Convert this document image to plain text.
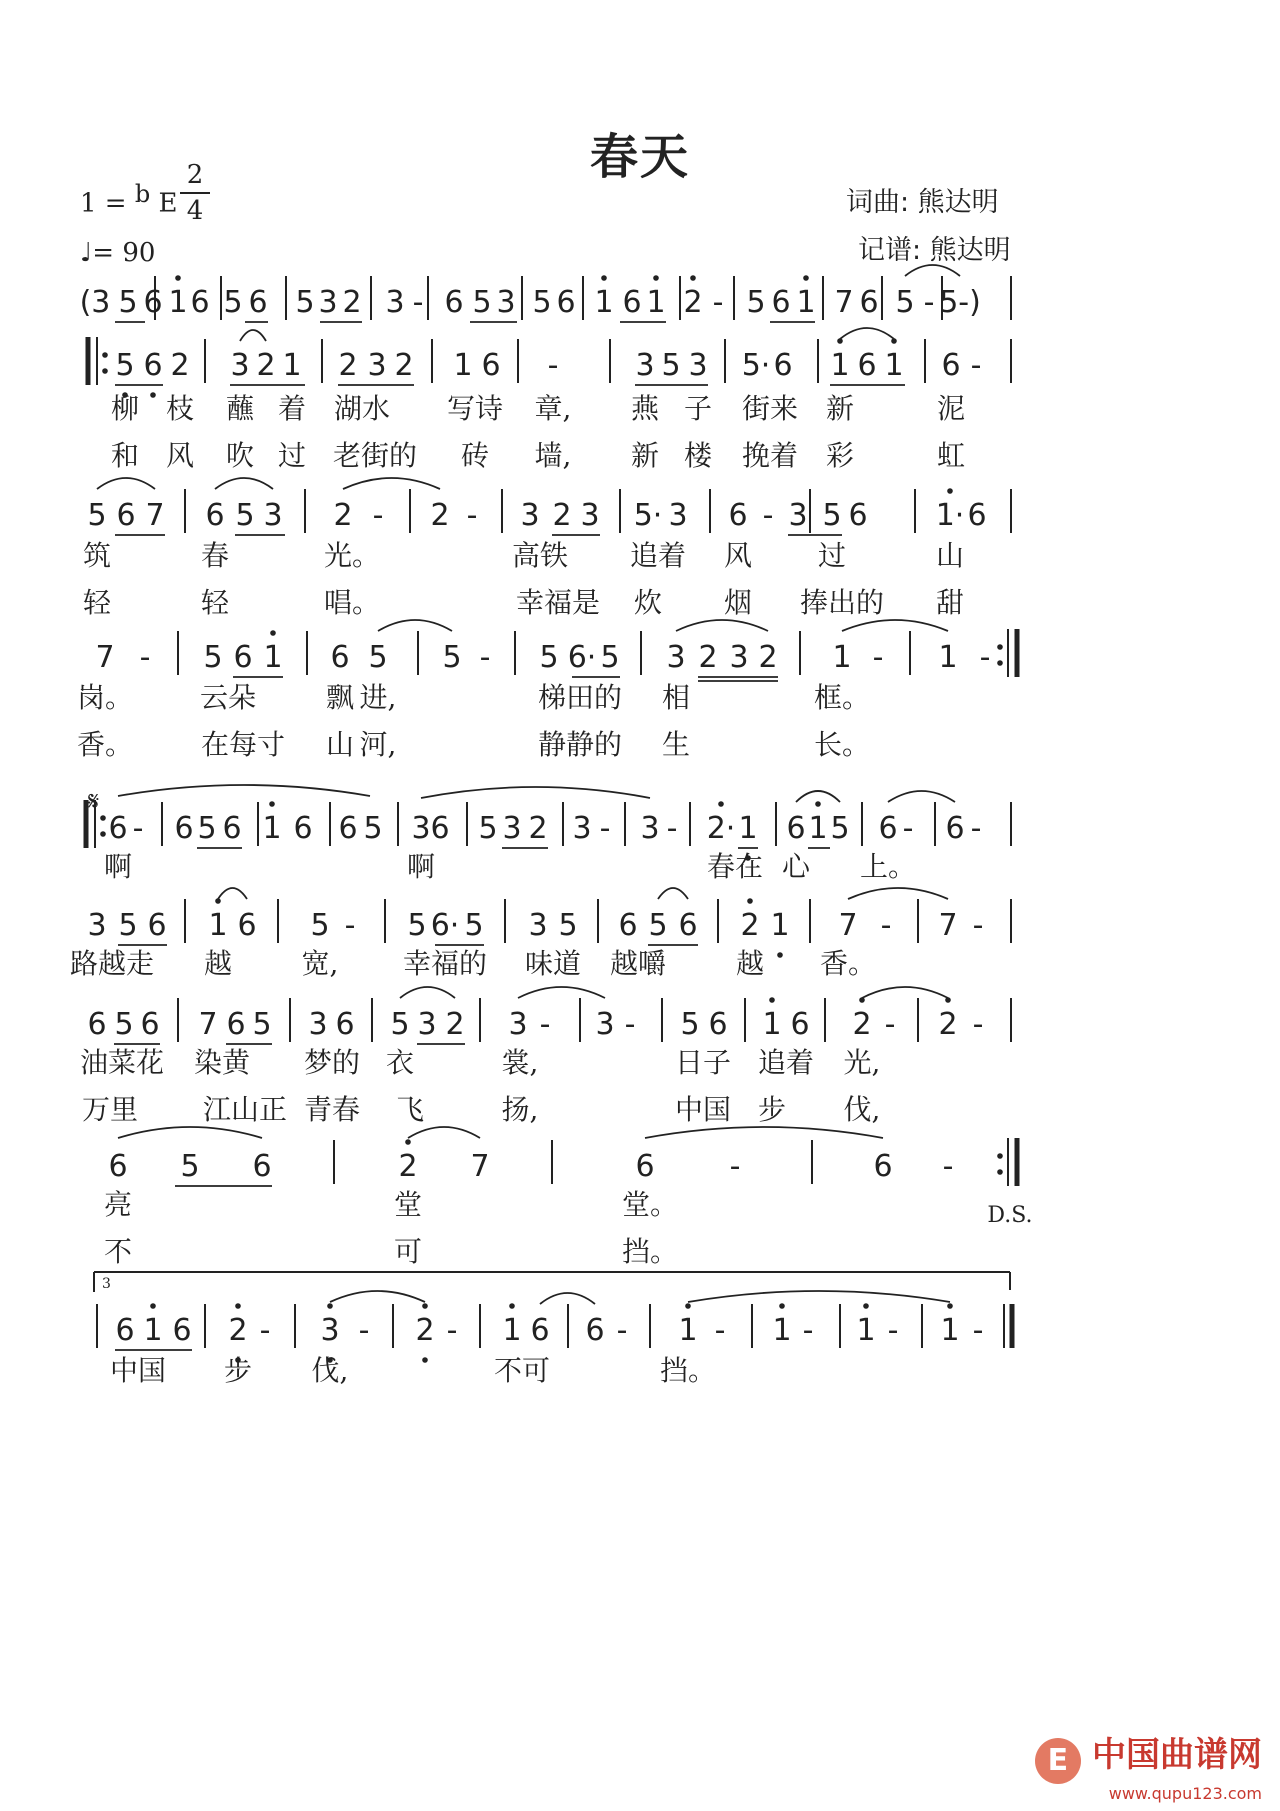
春天
1 = $^b$ E
2
4
♩= 90
词曲: 熊达明
记谱: 熊达明
(3 5 6 1 6 5 6 5 3 2 3 - 6 5 3 5 6 1 6 1 2 - 5 6 1 7 6 5 - 5-)
5 6 2 3 2 1 2 3 2 1 6 -	3 5 3 5· 6 1 6 1 6 -
柳 枝 蘸 着 湖水 写诗 章, 燕 子 街来 新	泥
和 风 吹 过 老街的 砖 墙, 新 楼 挽着 彩	虹
5 6 7 6 5 3 2 - 2 - 3 2 3 5· 3 6 - 3 5 6 1· 6
筑	春	光。	高铁 追着 风 过	山
轻	轻	唱。	幸福是 炊 烟 捧出的 甜
7 - 5 6 1 6 5 5 - 5 6· 5 3 2 3 2 1 - 1 -
岗。 云朵 飘 进,	梯田的 相	框。
香。 在每寸 山 河,	静静的 生	长。
𝄋
6 - 6 5 6 1 6 6 5 3 6 5 3 2 3 - 3 - 2· 1 6 1 5 6 - 6 -
啊	啊	春在 心 上。
3 5 6 1 6 5 - 5 6· 5 3 5 6 5 6 2 1 7 - 7 -
路越走 越 宽, 幸福的 味道 越嚼 越 香。
6 5 6 7 6 5 3 6 5 3 2 3 - 3 - 5 6 1 6 2 - 2 -
油菜花 染黄 梦的 衣	裳,	日子 追着 光,
万里 江山正 青春 飞	扬,	中国 步 伐,
6 5 6	2 7	6	-	6 -
D.S.
亮	堂	堂。
不	可	挡。
3
6 1 6 2 - 3 - 2 - 1 6 6 - 1 - 1 - 1 - 1 -
中国 步 伐,	不可	挡。
E 中国曲谱网
www.qupu123.com
